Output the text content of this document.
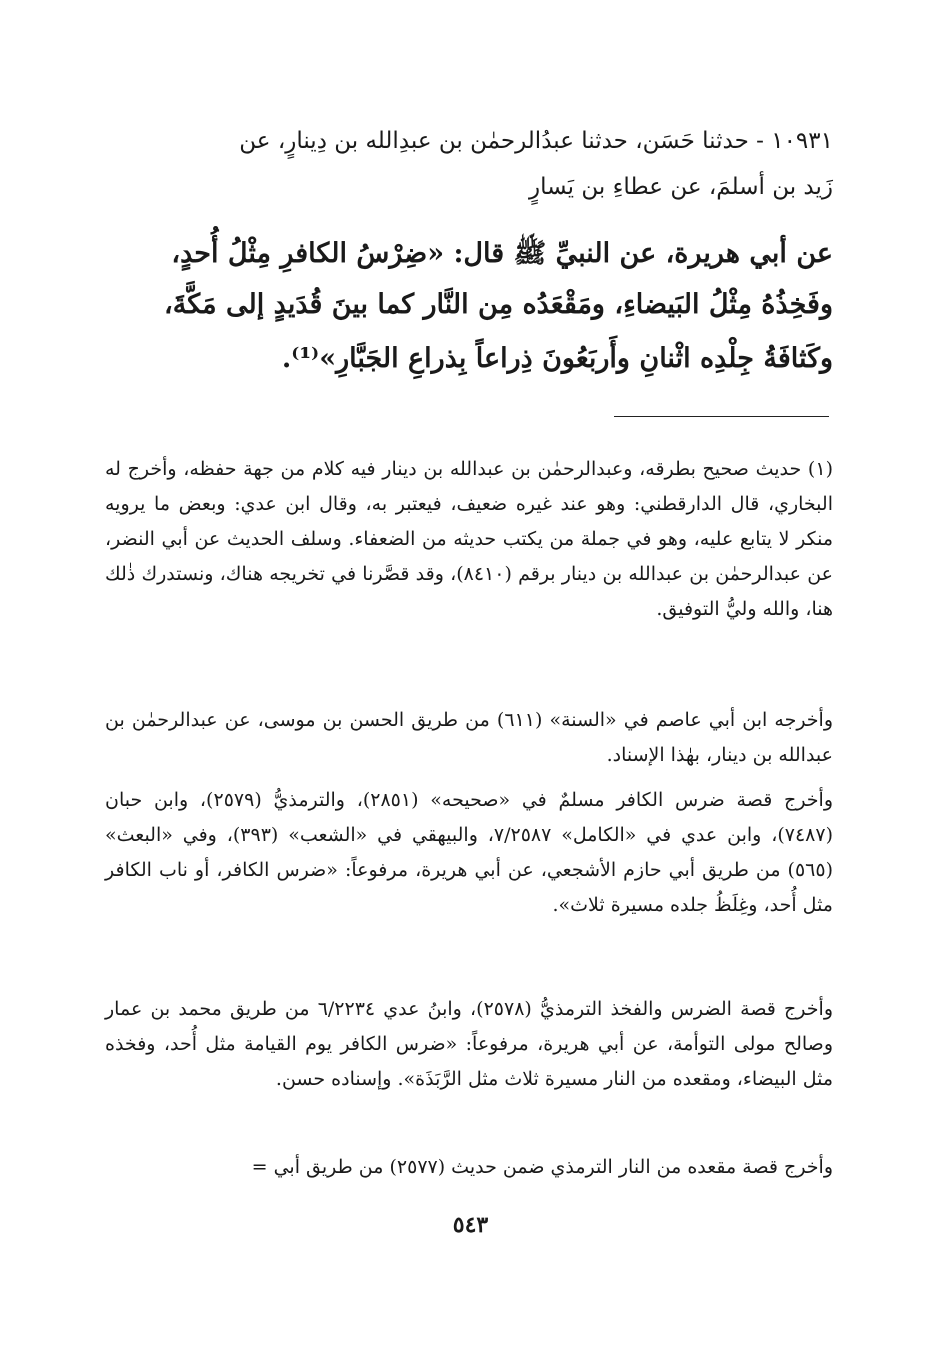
١٠٩٣١ - حدثنا حَسَن، حدثنا عبدُالرحمٰن بن عبدِالله بن دِينارٍ، عن
زَيد بن أسلمَ، عن عطاءِ بن يَسارٍ
عن أبي هريرة، عن النبيِّ ﷺ قال: «ضِرْسُ الكافرِ مِثْلُ أُحدٍ،
وفَخِذُهُ مِثْلُ البَيضاءِ، ومَقْعَدُه مِن النَّار كما بينَ قُدَيدٍ إلى مَكَّةَ،
وكَثافَةُ جِلْدِه اثْنانِ وأَربَعُونَ ذِراعاً بِذراعِ الجَبَّارِ»⁽¹⁾.
(١) حديث صحيح بطرقه، وعبدالرحمٰن بن عبدالله بن دينار فيه كلام من جهة حفظه، وأخرج له البخاري، قال الدارقطني: وهو عند غيره ضعيف، فيعتبر به، وقال ابن عدي: وبعض ما يرويه منكر لا يتابع عليه، وهو في جملة من يكتب حديثه من الضعفاء. وسلف الحديث عن أبي النضر، عن عبدالرحمٰن بن عبدالله بن دينار برقم (٨٤١٠)، وقد قصَّرنا في تخريجه هناك، ونستدرك ذٰلك هنا، والله وليُّ التوفيق.
وأخرجه ابن أبي عاصم في «السنة» (٦١١) من طريق الحسن بن موسى، عن عبدالرحمٰن بن عبدالله بن دينار، بهٰذا الإسناد.
وأخرج قصة ضرس الكافر مسلمٌ في «صحيحه» (٢٨٥١)، والترمذيُّ (٢٥٧٩)، وابن حبان (٧٤٨٧)، وابن عدي في «الكامل» ٧/٢٥٨٧، والبيهقي في «الشعب» (٣٩٣)، وفي «البعث» (٥٦٥) من طريق أبي حازم الأشجعي، عن أبي هريرة، مرفوعاً: «ضرس الكافر، أو ناب الكافر مثل أُحد، وغِلَظُ جلده مسيرة ثلاث».
وأخرج قصة الضرس والفخذ الترمذيُّ (٢٥٧٨)، وابنُ عدي ٦/٢٢٣٤ من طريق محمد بن عمار وصالح مولى التوأمة، عن أبي هريرة، مرفوعاً: «ضرس الكافر يوم القيامة مثل أُحد، وفخذه مثل البيضاء، ومقعده من النار مسيرة ثلاث مثل الرَّبَذَة». وإسناده حسن.
وأخرج قصة مقعده من النار الترمذي ضمن حديث (٢٥٧٧) من طريق أبي =
٥٤٣
